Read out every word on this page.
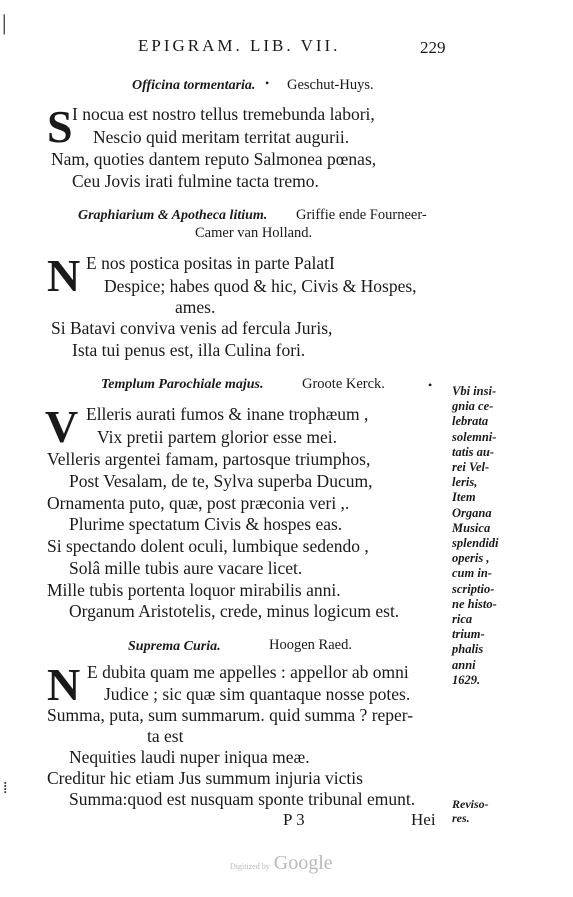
|
⁞
EPIGRAM. LIB. VII.	229
Officina tormentaria. • Geschut-Huys.
S I nocua est nostro tellus tremebunda labori,
Nescio quid meritam territat augurii.
Nam, quoties dantem reputo Salmonea pœnas,
Ceu Jovis irati fulmine tacta tremo.
Graphiarium & Apotheca litium. Griffie ende Fourneer-
Camer van Holland.
N E nos postica positas in parte PalatI
Despice; habes quod & hic, Civis & Hospes,
ames.
Si Batavi conviva venis ad fercula Juris,
Ista tui penus est, illa Culina fori.
Templum Parochiale majus.	Groote Kerck.	•
V Elleris aurati fumos & inane trophæum ,
Vix pretii partem glorior esse mei.
Velleris argentei famam, partosque triumphos,
Post Vesalam, de te, Sylva superba Ducum,
Ornamenta puto, quæ, post præconia veri ,.
Plurime spectatum Civis & hospes eas.
Si spectando dolent oculi, lumbique sedendo ,
Solâ mille tubis aure vacare licet.
Mille tubis portenta loquor mirabilis anni.
Organum Aristotelis, crede, minus logicum est.
Suprema Curia.	Hoogen Raed.
N E dubita quam me appelles : appellor ab omni
Judice ; sic quæ sim quantaque nosse potes.
Summa, puta, sum summarum. quid summa ? reper-
ta est
Nequities laudi nuper iniqua meæ.
Creditur hic etiam Jus summum injuria victis
Summa:quod est nusquam sponte tribunal emunt.
Vbi insi-
gnia ce-
lebrata
solemni-
tatis au-
rei Vel-
leris,
Item
Organa
Musica
splendidi
operis ,
cum in-
scriptio-
ne histo-
rica
trium-
phalis
anni
1629.
P 3	Hei
Reviso-
res.
Digitized by Google
